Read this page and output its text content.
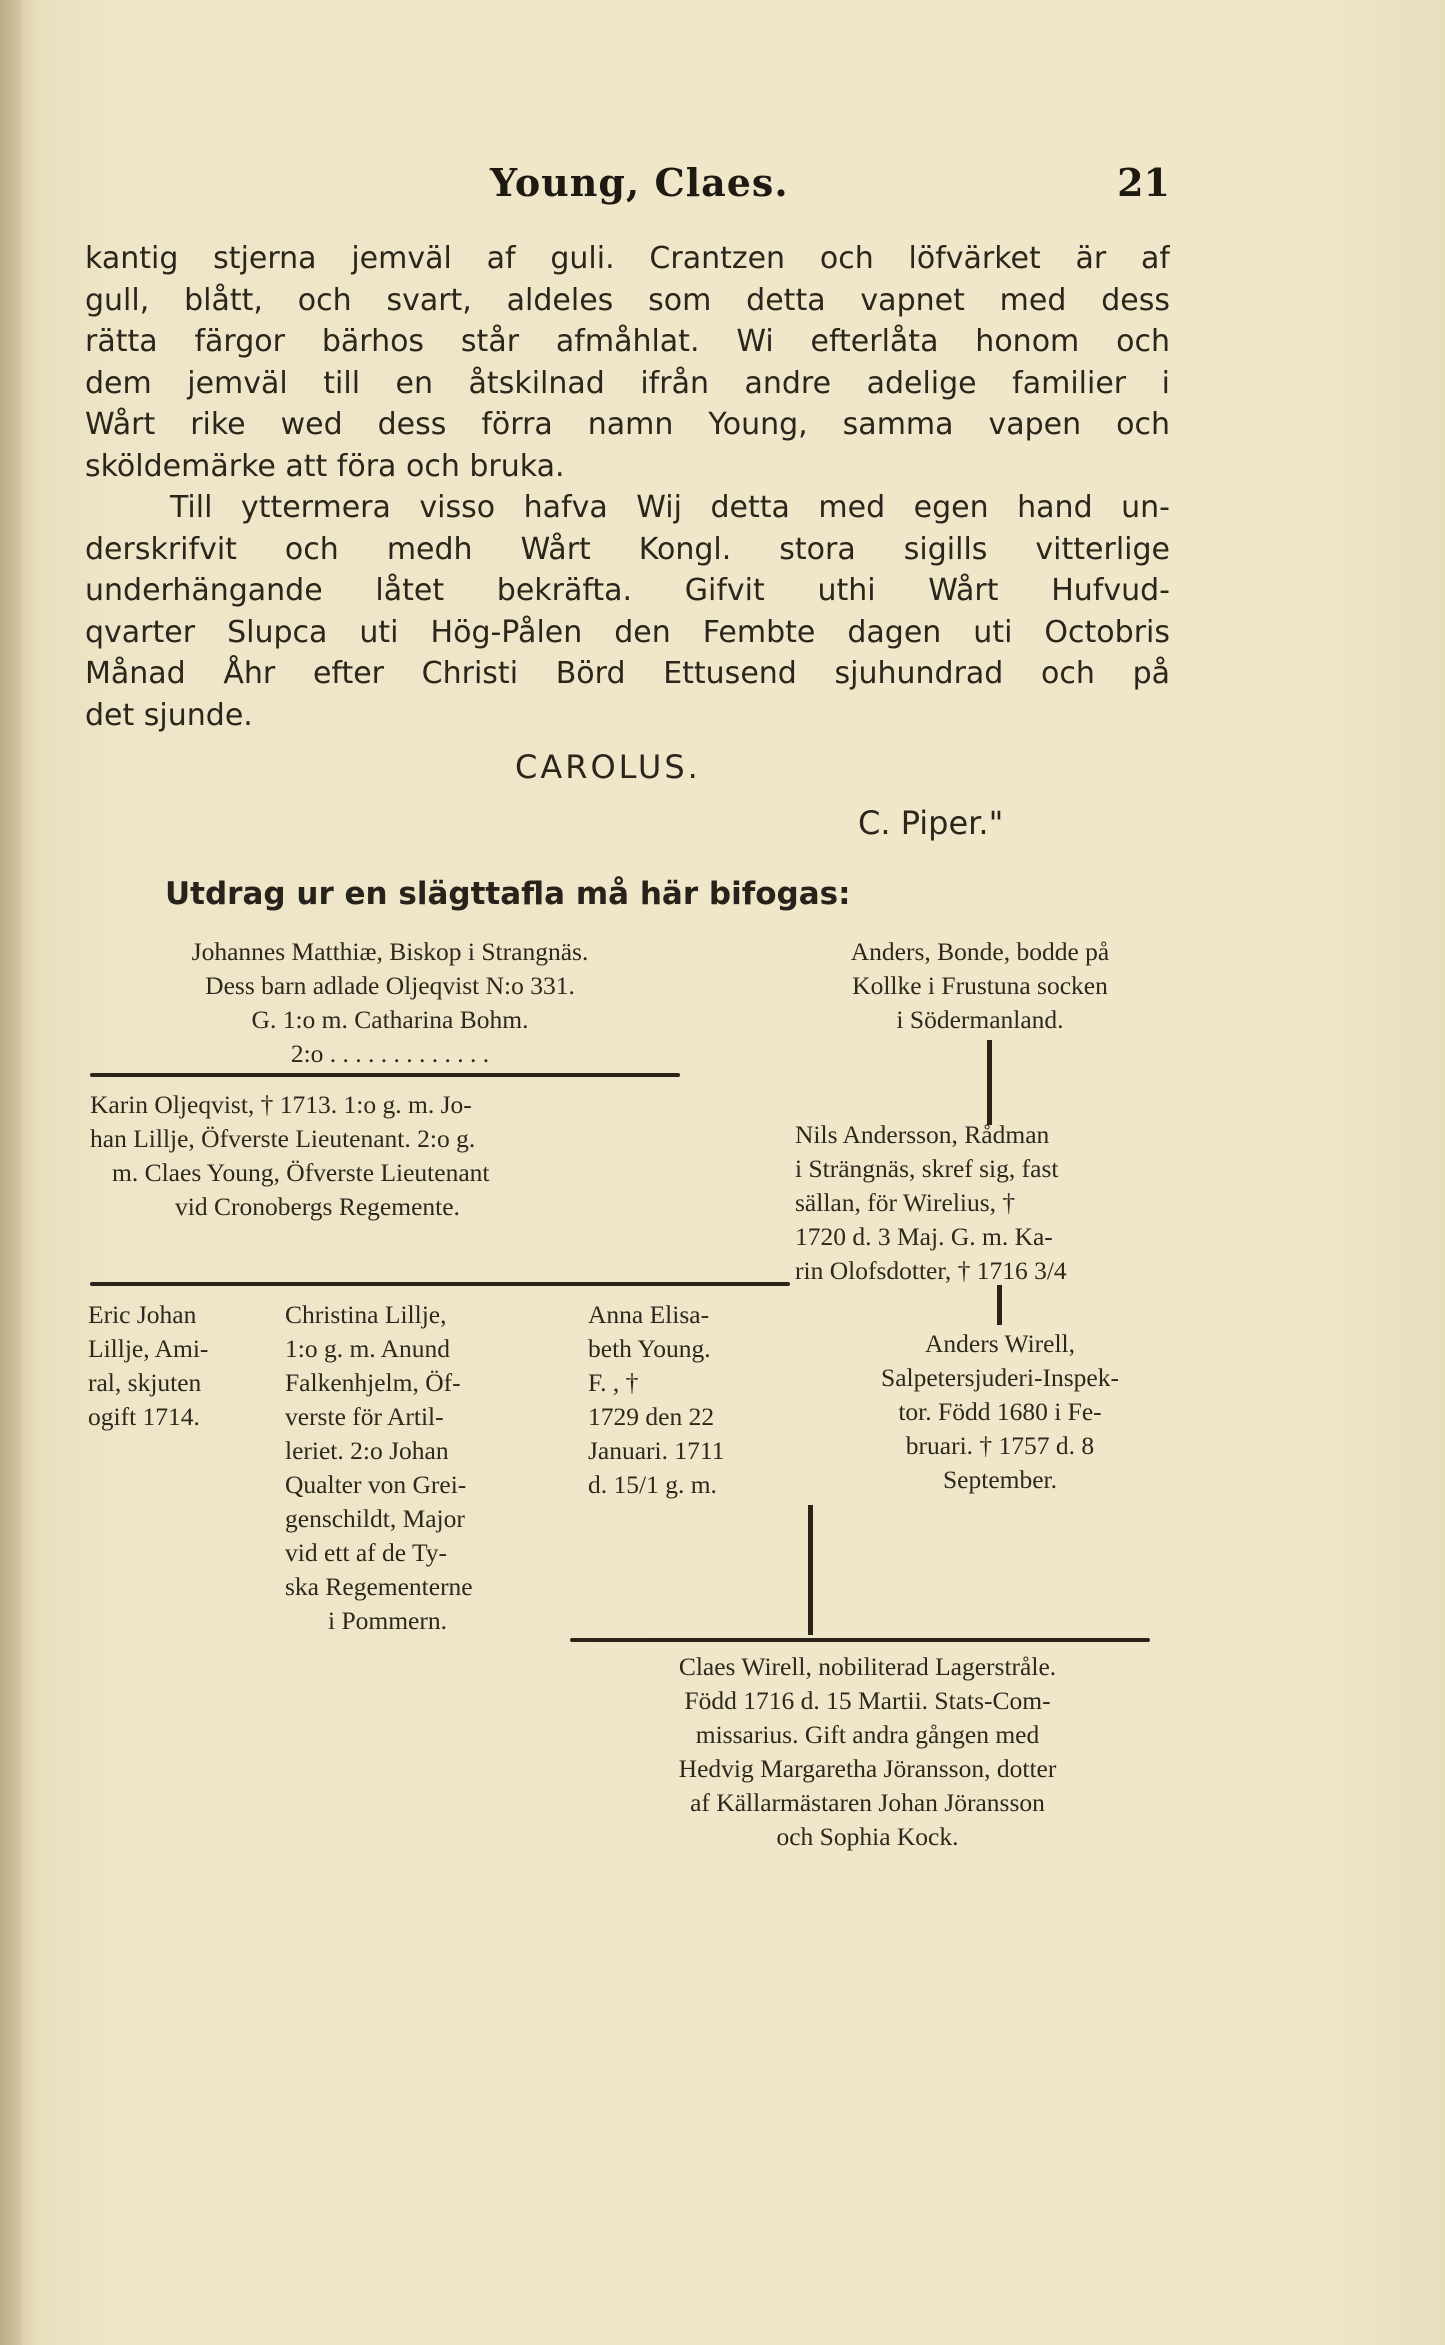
Young, Claes.	21
kantig stjerna jemväl af guli. Crantzen och löfvärket är af
gull, blått, och svart, aldeles som detta vapnet med dess
rätta färgor bärhos står afmåhlat. Wi efterlåta honom och
dem jemväl till en åtskilnad ifrån andre adelige familier i
Wårt rike wed dess förra namn Young, samma vapen och
sköldemärke att föra och bruka.
Till yttermera visso hafva Wij detta med egen hand un-
derskrifvit och medh Wårt Kongl. stora sigills vitterlige
underhängande låtet bekräfta. Gifvit uthi Wårt Hufvud-
qvarter Slupca uti Hög-Pålen den Fembte dagen uti Octobris
Månad Åhr efter Christi Börd Ettusend sjuhundrad och på
det sjunde.
CAROLUS.
C. Piper."
Utdrag ur en slägttafla må här bifogas:
Johannes Matthiæ, Biskop i Strangnäs.
Dess barn adlade Oljeqvist N:o 331.
G. 1:o m. Catharina Bohm.
2:o . . . . . . . . . . . . .
Karin Oljeqvist, † 1713. 1:o g. m. Jo-
han Lillje, Öfverste Lieutenant. 2:o g.
m. Claes Young, Öfverste Lieutenant
vid Cronobergs Regemente.
Anders, Bonde, bodde på
Kollke i Frustuna socken
i Södermanland.
Nils Andersson, Rådman
i Strängnäs, skref sig, fast
sällan, för Wirelius, †
1720 d. 3 Maj. G. m. Ka-
rin Olofsdotter, † 1716 3/4
Eric Johan
Lillje, Ami-
ral, skjuten
ogift 1714.
Christina Lillje,
1:o g. m. Anund
Falkenhjelm, Öf-
verste för Artil-
leriet. 2:o Johan
Qualter von Grei-
genschildt, Major
vid ett af de Ty-
ska Regementerne
i Pommern.
Anna Elisa-
beth Young.
F. , †
1729 den 22
Januari. 1711
d. 15/1 g. m.
Anders Wirell,
Salpetersjuderi-Inspek-
tor. Född 1680 i Fe-
bruari. † 1757 d. 8
September.
Claes Wirell, nobiliterad Lagerstråle.
Född 1716 d. 15 Martii. Stats-Com-
missarius. Gift andra gången med
Hedvig Margaretha Jöransson, dotter
af Källarmästaren Johan Jöransson
och Sophia Kock.
